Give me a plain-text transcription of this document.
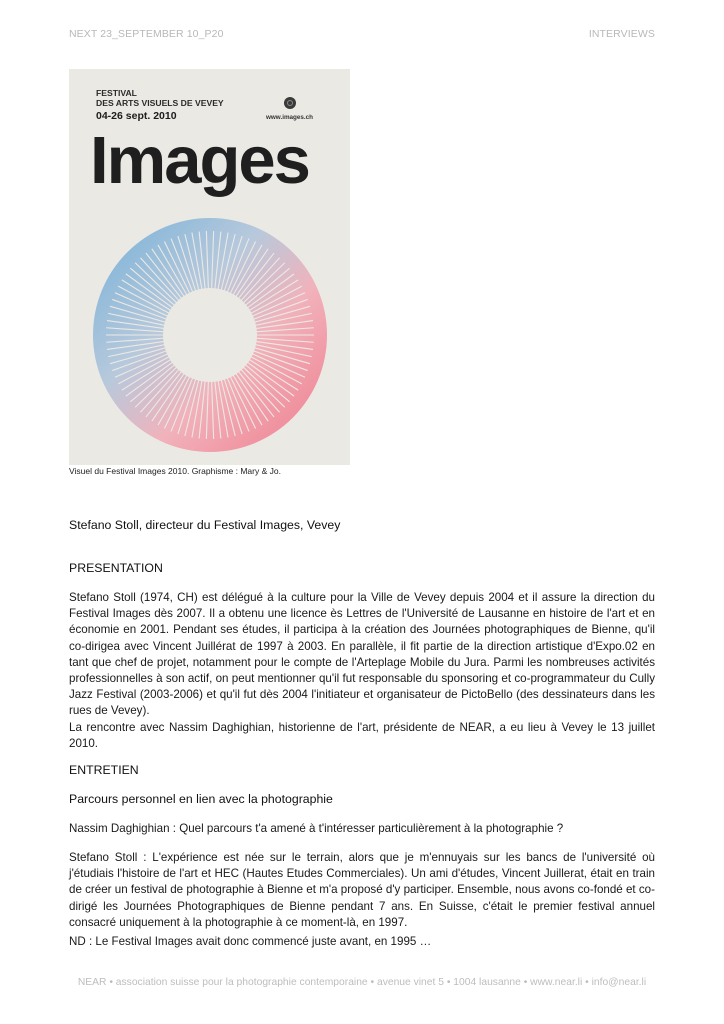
NEXT 23_SEPTEMBER 10_P20	INTERVIEWS
FESTIVAL
DES ARTS VISUELS DE VEVEY
04-26 sept. 2010	www.images.ch
Images
Visuel du Festival Images 2010. Graphisme : Mary & Jo.
Stefano Stoll, directeur du Festival Images, Vevey
PRESENTATION

Stefano Stoll (1974, CH) est délégué à la culture pour la Ville de Vevey depuis 2004 et il assure la direction du Festival Images dès 2007. Il a obtenu une licence ès Lettres de l'Université de Lausanne en histoire de l'art et en économie en 2001. Pendant ses études, il participa à la création des Journées photographiques de Bienne, qu'il co-dirigea avec Vincent Juillérat de 1997 à 2003. En parallèle, il fit partie de la direction artistique d'Expo.02 en tant que chef de projet, notamment pour le compte de l'Arteplage Mobile du Jura. Parmi les nombreuses activités professionnelles à son actif, on peut mentionner qu'il fut responsable du sponsoring et co-programmateur du Cully Jazz Festival (2003-2006) et qu'il fut dès 2004 l'initiateur et organisateur de PictoBello (des dessinateurs dans les rues de Vevey).

La rencontre avec Nassim Daghighian, historienne de l'art, présidente de NEAR, a eu lieu à Vevey le 13 juillet 2010.

ENTRETIEN
Parcours personnel en lien avec la photographie

Nassim Daghighian : Quel parcours t'a amené à t'intéresser particulièrement à la photographie ?

Stefano Stoll : L'expérience est née sur le terrain, alors que je m'ennuyais sur les bancs de l'université où j'étudiais l'histoire de l'art et HEC (Hautes Etudes Commerciales). Un ami d'études, Vincent Juillerat, était en train de créer un festival de photographie à Bienne et m'a proposé d'y participer. Ensemble, nous avons co-fondé et co-dirigé les Journées Photographiques de Bienne pendant 7 ans. En Suisse, c'était le premier festival annuel consacré uniquement à la photographie à ce moment-là, en 1997.

ND : Le Festival Images avait donc commencé juste avant, en 1995 …

NEAR • association suisse pour la photographie contemporaine • avenue vinet 5 • 1004 lausanne • www.near.li • info@near.li
